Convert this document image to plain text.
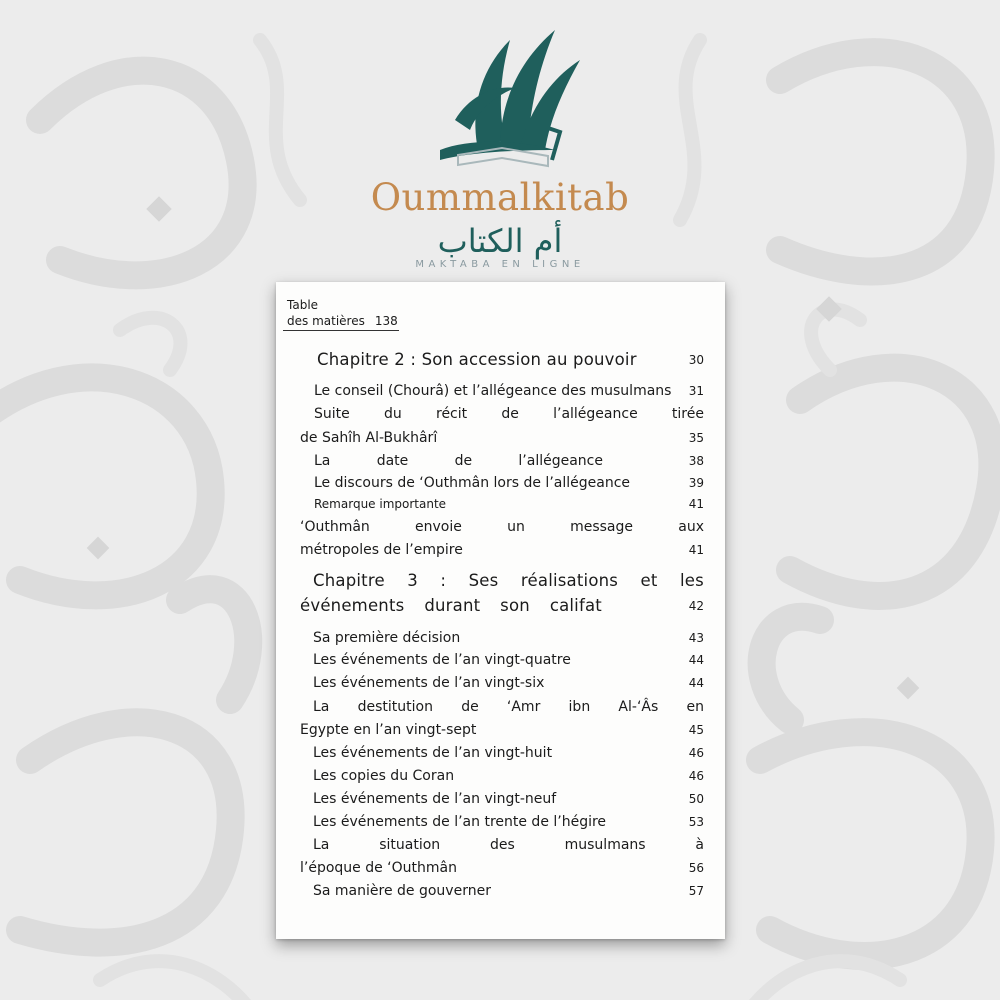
Oummalkitab
أم الكتاب
MAKTABA EN LIGNE
Table
des matières 138
Chapitre 2 : Son accession au pouvoir	30
Le conseil (Chourâ) et l’allégeance des musulmans 31
Suite du récit de l’allégeance tirée
de Sahîh Al-Bukhârî	35
La	date	de	l’allégeance	38
Le discours de ‘Outhmân lors de l’allégeance	39
Remarque importante	41
‘Outhmân	envoie	un	message	aux
métropoles de l’empire	41
Chapitre 3 : Ses réalisations et les
événements durant son califat	42
Sa première décision	43
Les événements de l’an vingt-quatre	44
Les événements de l’an vingt-six	44
La destitution de ‘Amr ibn Al-‘Âs en
Egypte en l’an vingt-sept	45
Les événements de l’an vingt-huit	46
Les copies du Coran	46
Les événements de l’an vingt-neuf	50
Les événements de l’an trente de l’hégire	53
La	situation	des	musulmans	à
l’époque de ‘Outhmân	56
Sa manière de gouverner	57
